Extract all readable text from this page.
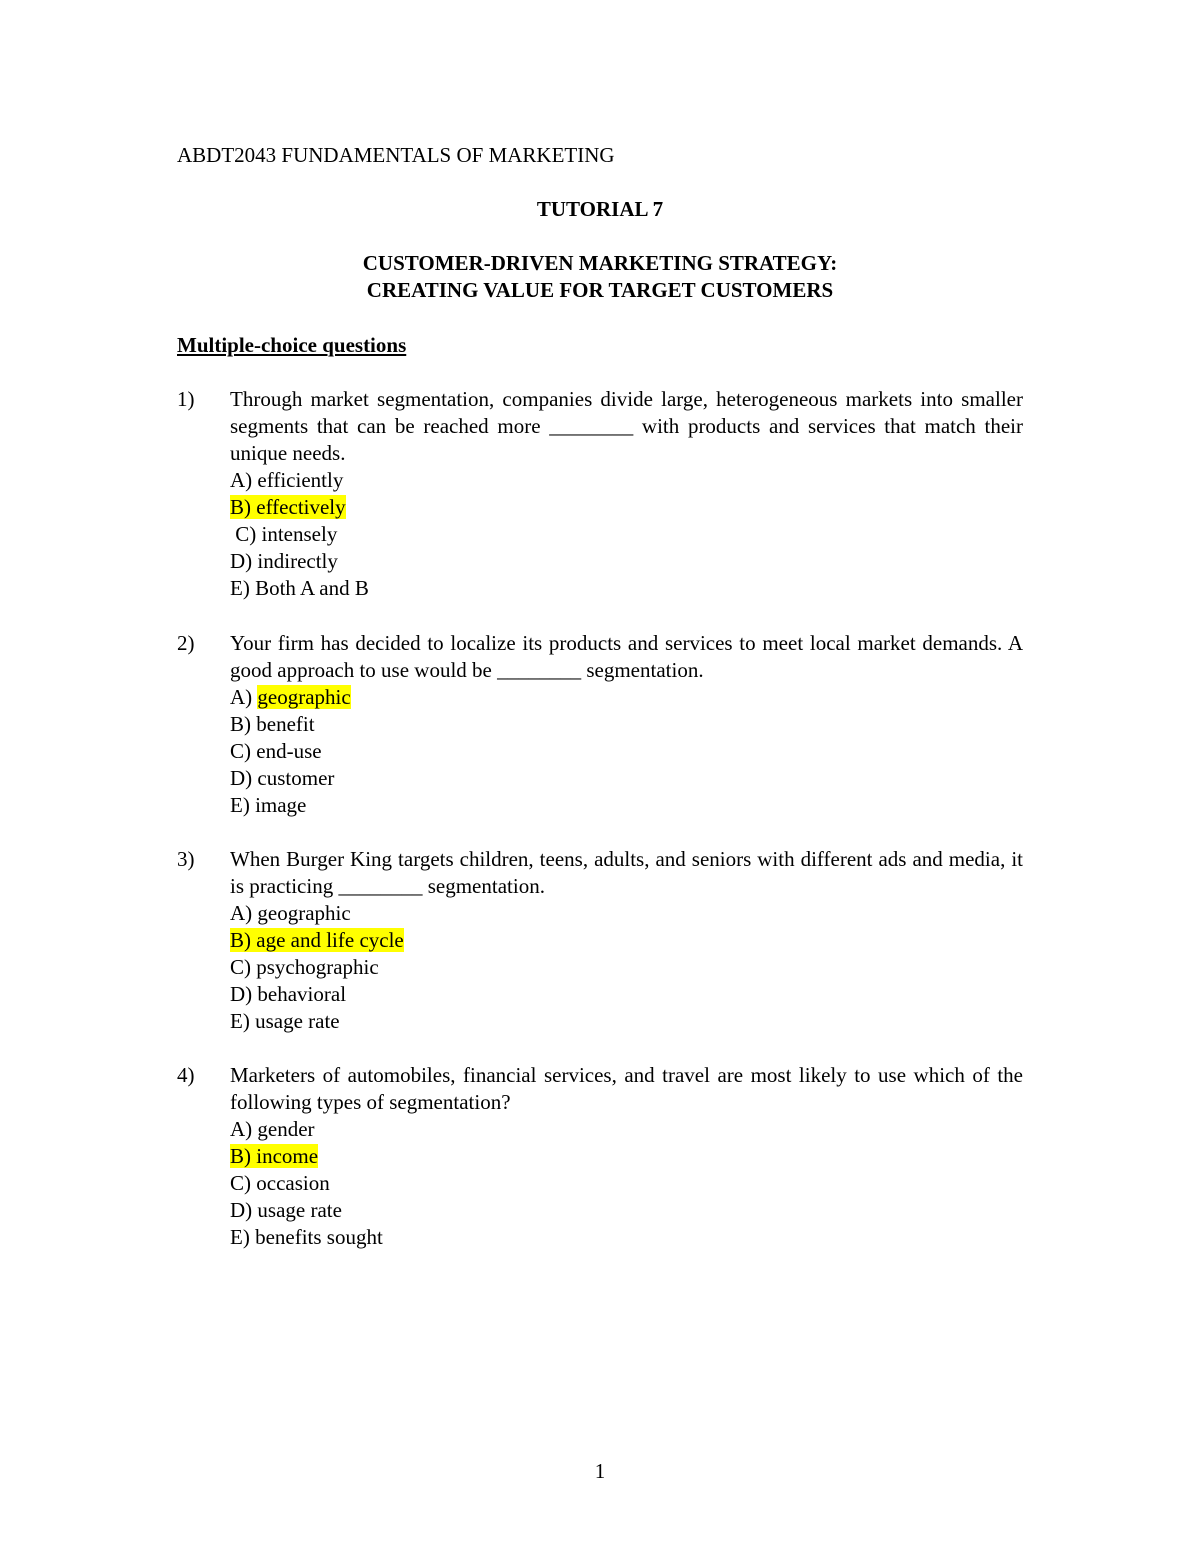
ABDT2043 FUNDAMENTALS OF MARKETING

TUTORIAL 7

CUSTOMER-DRIVEN MARKETING STRATEGY:
CREATING VALUE FOR TARGET CUSTOMERS

Multiple-choice questions

1) Through market segmentation, companies divide large, heterogeneous markets into smaller segments that can be reached more ________ with products and services that match their unique needs.
A) efficiently
B) effectively
C) intensely
D) indirectly
E) Both A and B
2) Your firm has decided to localize its products and services to meet local market demands. A good approach to use would be ________ segmentation.
A) geographic
B) benefit
C) end-use
D) customer
E) image
3) When Burger King targets children, teens, adults, and seniors with different ads and media, it is practicing ________ segmentation.
A) geographic
B) age and life cycle
C) psychographic
D) behavioral
E) usage rate
4) Marketers of automobiles, financial services, and travel are most likely to use which of the following types of segmentation?
A) gender
B) income
C) occasion
D) usage rate
E) benefits sought
1
